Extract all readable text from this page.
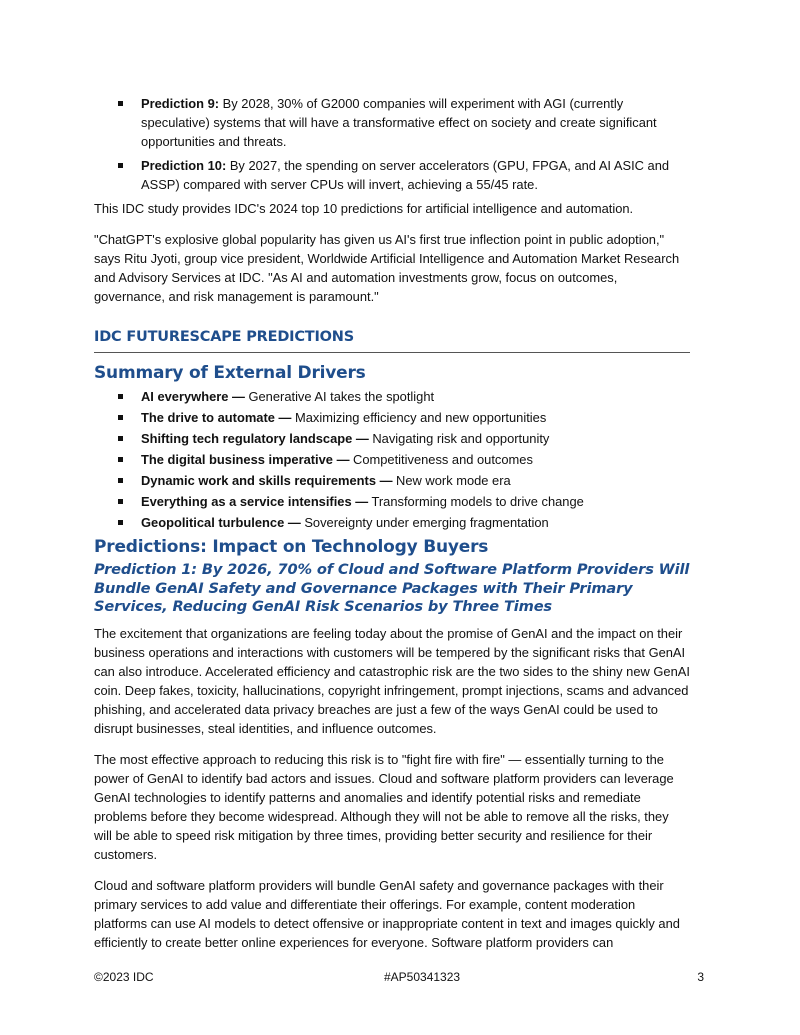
Prediction 9: By 2028, 30% of G2000 companies will experiment with AGI (currently speculative) systems that will have a transformative effect on society and create significant opportunities and threats.
Prediction 10: By 2027, the spending on server accelerators (GPU, FPGA, and AI ASIC and ASSP) compared with server CPUs will invert, achieving a 55/45 rate.

This IDC study provides IDC's 2024 top 10 predictions for artificial intelligence and automation.

"ChatGPT's explosive global popularity has given us AI's first true inflection point in public adoption," says Ritu Jyoti, group vice president, Worldwide Artificial Intelligence and Automation Market Research and Advisory Services at IDC. "As AI and automation investments grow, focus on outcomes, governance, and risk management is paramount."

IDC FUTURESCAPE PREDICTIONS
Summary of External Drivers
AI everywhere — Generative AI takes the spotlight
The drive to automate — Maximizing efficiency and new opportunities
Shifting tech regulatory landscape — Navigating risk and opportunity
The digital business imperative — Competitiveness and outcomes
Dynamic work and skills requirements — New work mode era
Everything as a service intensifies — Transforming models to drive change
Geopolitical turbulence — Sovereignty under emerging fragmentation
Predictions: Impact on Technology Buyers
Prediction 1: By 2026, 70% of Cloud and Software Platform Providers Will Bundle GenAI Safety and Governance Packages with Their Primary Services, Reducing GenAI Risk Scenarios by Three Times

The excitement that organizations are feeling today about the promise of GenAI and the impact on their business operations and interactions with customers will be tempered by the significant risks that GenAI can also introduce. Accelerated efficiency and catastrophic risk are the two sides to the shiny new GenAI coin. Deep fakes, toxicity, hallucinations, copyright infringement, prompt injections, scams and advanced phishing, and accelerated data privacy breaches are just a few of the ways GenAI could be used to disrupt businesses, steal identities, and influence outcomes.

The most effective approach to reducing this risk is to "fight fire with fire" — essentially turning to the power of GenAI to identify bad actors and issues. Cloud and software platform providers can leverage GenAI technologies to identify patterns and anomalies and identify potential risks and remediate problems before they become widespread. Although they will not be able to remove all the risks, they will be able to speed risk mitigation by three times, providing better security and resilience for their customers.

Cloud and software platform providers will bundle GenAI safety and governance packages with their primary services to add value and differentiate their offerings. For example, content moderation platforms can use AI models to detect offensive or inappropriate content in text and images quickly and efficiently to create better online experiences for everyone. Software platform providers can

©2023 IDC	#AP50341323	3
